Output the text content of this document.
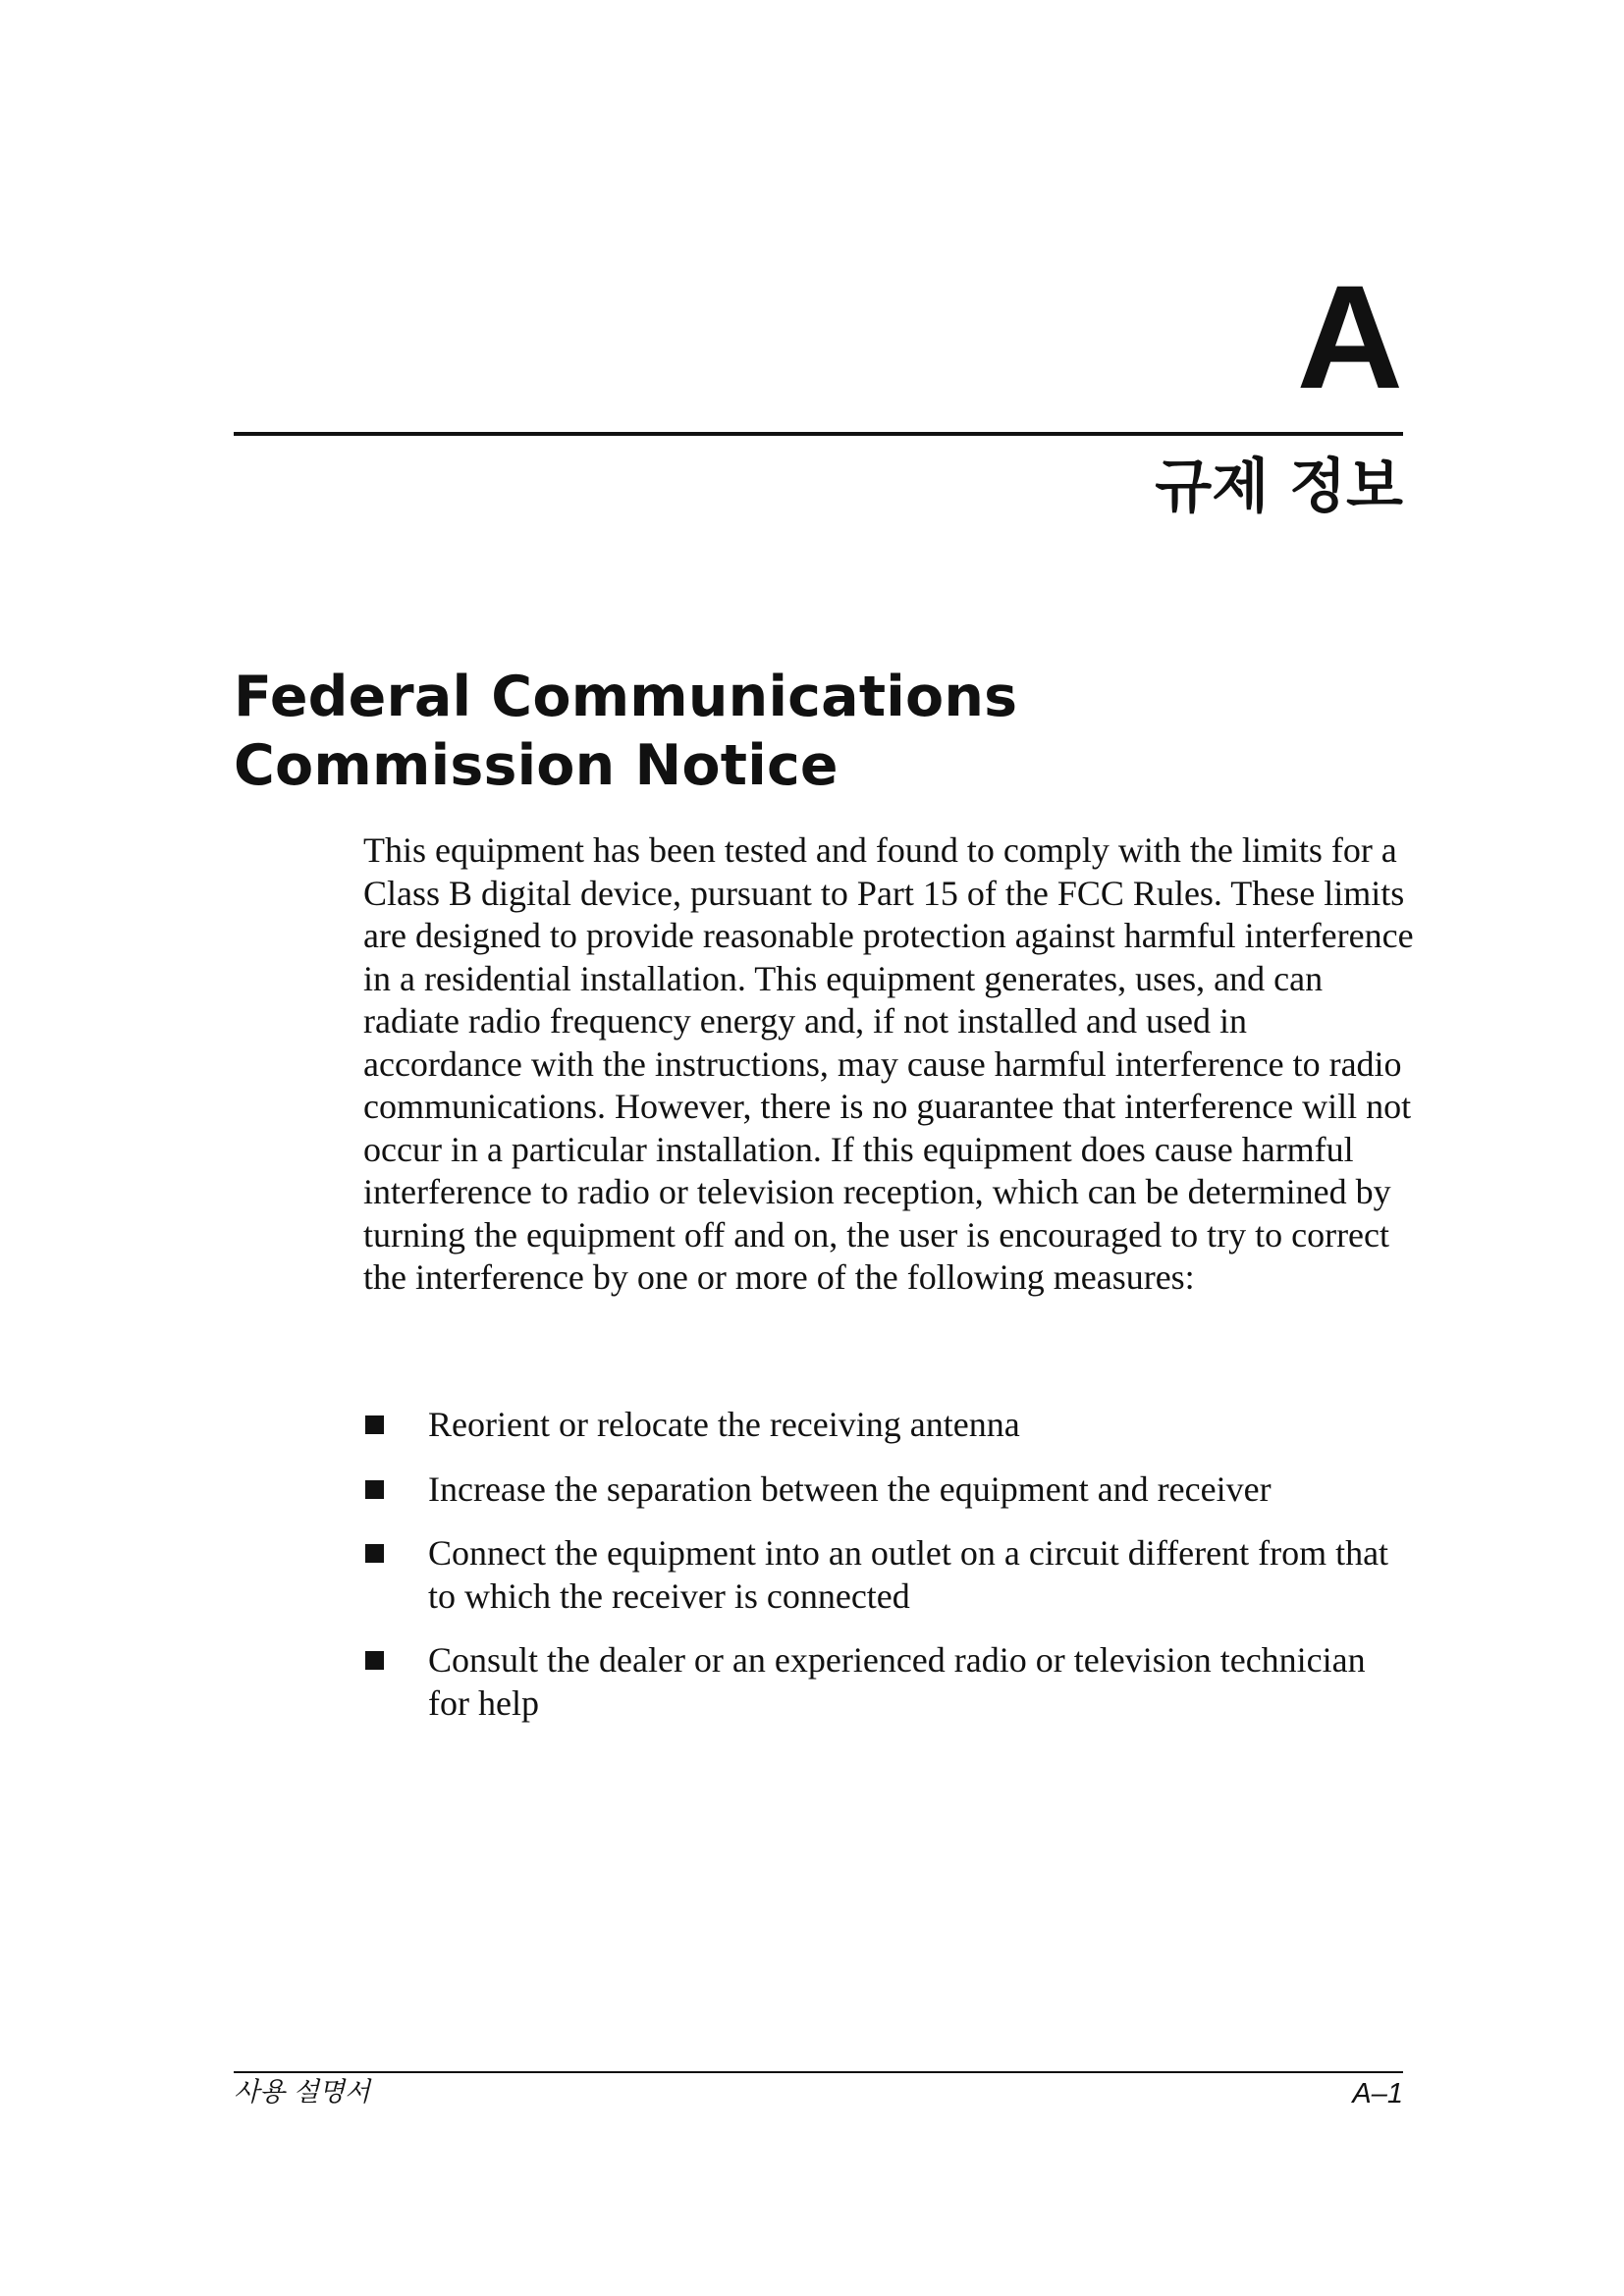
A
규제 정보
Federal Communications Commission Notice

This equipment has been tested and found to comply with the limits for a Class B digital device, pursuant to Part 15 of the FCC Rules. These limits are designed to provide reasonable protection against harmful interference in a residential installation. This equipment generates, uses, and can radiate radio frequency energy and, if not installed and used in accordance with the instructions, may cause harmful interference to radio communications. However, there is no guarantee that interference will not occur in a particular installation. If this equipment does cause harmful interference to radio or television reception, which can be determined by turning the equipment off and on, the user is encouraged to try to correct the interference by one or more of the following measures:

Reorient or relocate the receiving antenna
Increase the separation between the equipment and receiver
Connect the equipment into an outlet on a circuit different from that to which the receiver is connected
Consult the dealer or an experienced radio or television technician for help
사용 설명서	A–1
